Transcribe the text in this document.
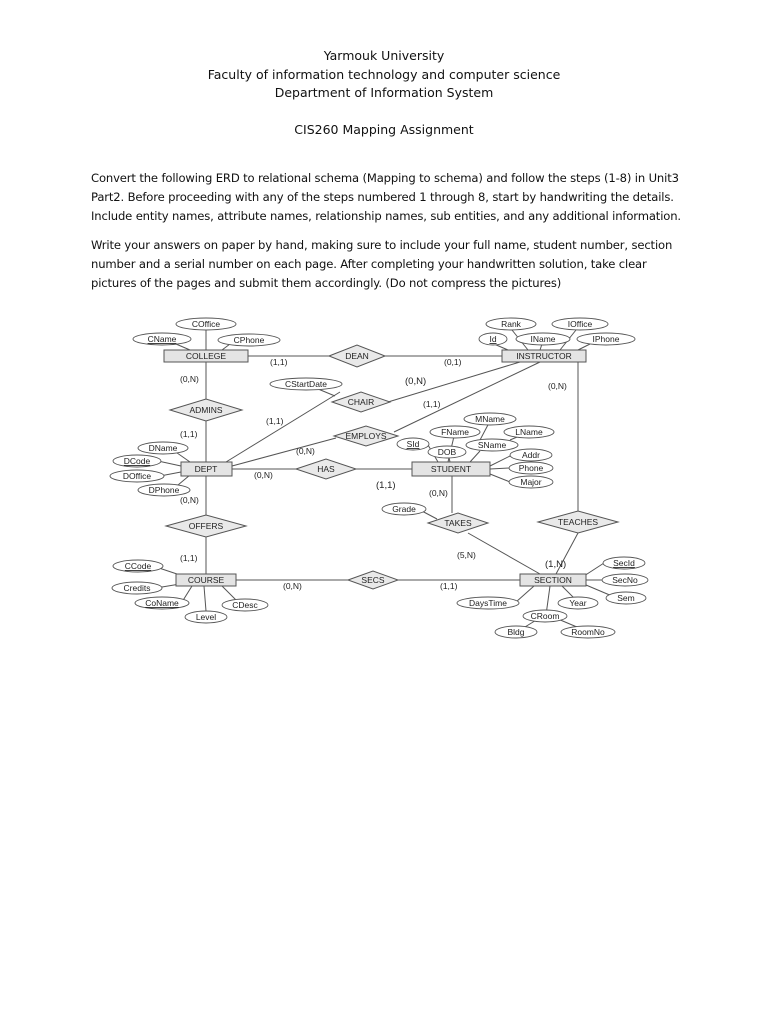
Yarmouk University
Faculty of information technology and computer science
Department of Information System
CIS260 Mapping Assignment
Convert the following ERD to relational schema (Mapping to schema) and follow the steps (1-8) in Unit3
Part2. Before proceeding with any of the steps numbered 1 through 8, start by handwriting the details.
Include entity names, attribute names, relationship names, sub entities, and any additional information.
Write your answers on paper by hand, making sure to include your full name, student number, section
number and a serial number on each page. After completing your handwritten solution, take clear
pictures of the pages and submit them accordingly. (Do not compress the pictures)
COLLEGE	INSTRUCTOR
DEPT	STUDENT
COURSE	SECTION
DEAN
CHAIR
ADMINS
EMPLOYS
HAS
OFFERS	TAKES	TEACHES
SECS
COffice
CName	CPhone
Rank	IOffice
Id	IName	IPhone
CStartDate
MName
FName	LName
SId	SName
DOB	Addr
Phone
Major
DName
DCode
DOffice
DPhone
Grade
CCode
Credits
CoName
Level
CDesc
SecId
SecNo
Sem
Year
DaysTime
CRoom
Bldg	RoomNo
(1,1)	(0,1)
(0,N)	(0,N)	(0,N)
(1,1)
(1,1)
(1,1)
(0,N)
(0,N)
(1,1)
(0,N)
(0,N)
(1,1)	(5,N)
(1,N)
(0,N)	(1,1)
